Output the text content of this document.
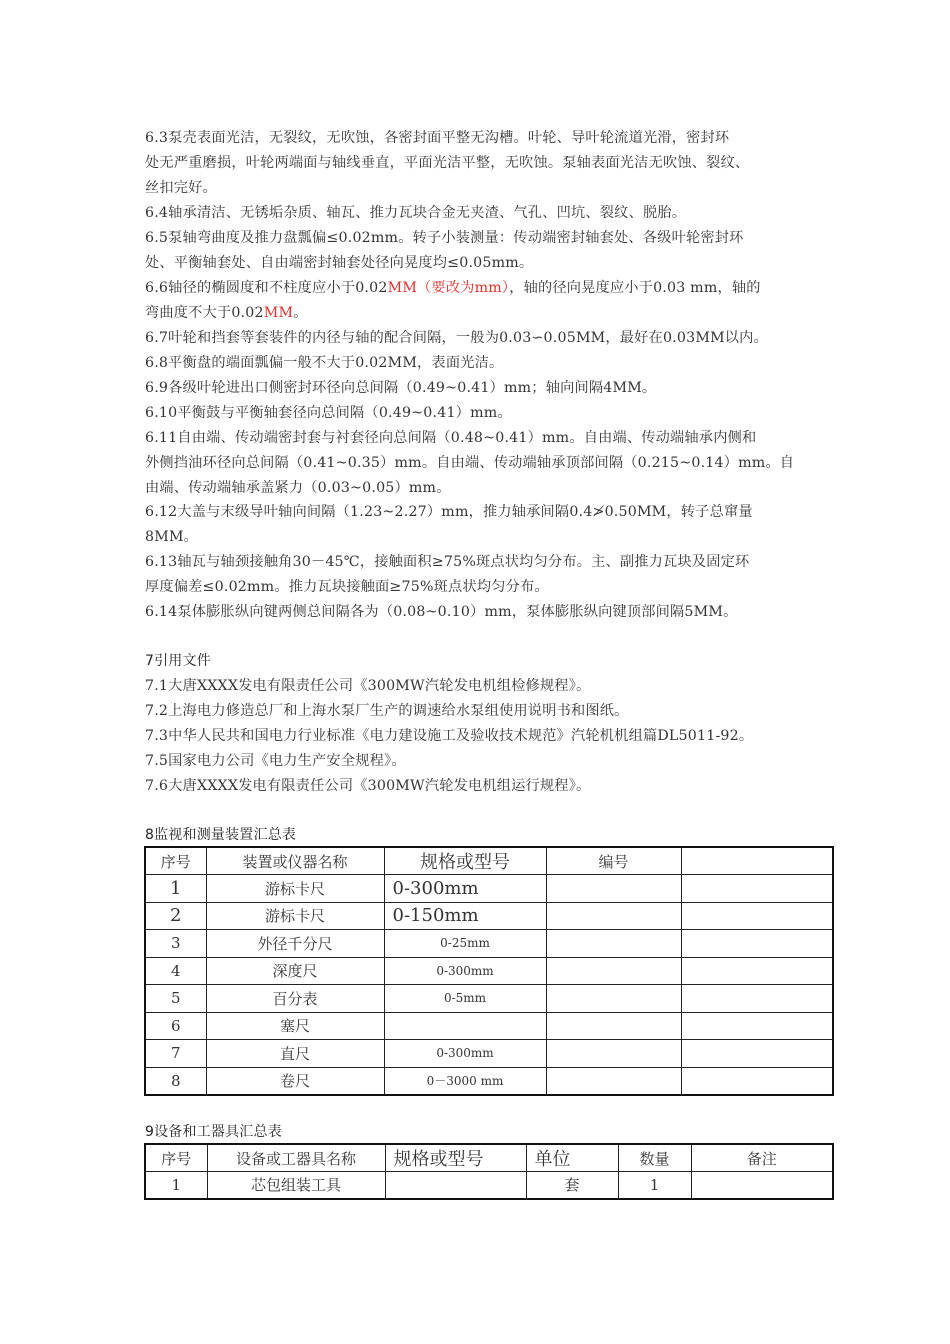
6.3泵壳表面光洁，无裂纹，无吹蚀，各密封面平整无沟槽。叶轮、导叶轮流道光滑，密封环
处无严重磨损，叶轮两端面与轴线垂直，平面光洁平整，无吹蚀。泵轴表面光洁无吹蚀、裂纹、
丝扣完好。
6.4轴承清洁、无锈垢杂质、轴瓦、推力瓦块合金无夹渣、气孔、凹坑、裂纹、脱胎。
6.5泵轴弯曲度及推力盘瓢偏≤0.02mm。转子小装测量：传动端密封轴套处、各级叶轮密封环
处、平衡轴套处、自由端密封轴套处径向晃度均≤0.05mm。
6.6轴径的椭圆度和不柱度应小于0.02MM（要改为mm），轴的径向晃度应小于0.03 mm，轴的
弯曲度不大于0.02MM。
6.7叶轮和挡套等套装件的内径与轴的配合间隔，一般为0.03∽0.05MM，最好在0.03MM以内。
6.8平衡盘的端面瓢偏一般不大于0.02MM，表面光洁。
6.9各级叶轮进出口侧密封环径向总间隔（0.49~0.41）mm；轴向间隔4MM。
6.10平衡鼓与平衡轴套径向总间隔（0.49~0.41）mm。
6.11自由端、传动端密封套与衬套径向总间隔（0.48~0.41）mm。自由端、传动端轴承内侧和
外侧挡油环径向总间隔（0.41~0.35）mm。自由端、传动端轴承顶部间隔（0.215~0.14）mm。自
由端、传动端轴承盖紧力（0.03~0.05）mm。
6.12大盖与末级导叶轴向间隔（1.23~2.27）mm，推力轴承间隔0.4≯0.50MM，转子总窜量
8MM。
6.13轴瓦与轴颈接触角30－45℃，接触面积≥75%斑点状均匀分布。主、副推力瓦块及固定环
厚度偏差≤0.02mm。推力瓦块接触面≥75%斑点状均匀分布。
6.14泵体膨胀纵向键两侧总间隔各为（0.08~0.10）mm，泵体膨胀纵向键顶部间隔5MM。
7引用文件
7.1大唐XXXX发电有限责任公司《300MW汽轮发电机组检修规程》。
7.2上海电力修造总厂和上海水泵厂生产的调速给水泵组使用说明书和图纸。
7.3中华人民共和国电力行业标准《电力建设施工及验收技术规范》汽轮机机组篇DL5011-92。
7.5国家电力公司《电力生产安全规程》。
7.6大唐XXXX发电有限责任公司《300MW汽轮发电机组运行规程》。
8监视和测量装置汇总表
序号	装置或仪器名称	规格或型号	编号	
1	游标卡尺	0-300mm		
2	游标卡尺	0-150mm		
3	外径千分尺	0-25mm		
4	深度尺	0-300mm		
5	百分表	0-5mm		
6	塞尺			
7	直尺	0-300mm		
8	卷尺	0－3000 mm		
9设备和工器具汇总表
序号	设备或工器具名称	规格或型号	单位	数量	备注
1	芯包组装工具		套	1	
